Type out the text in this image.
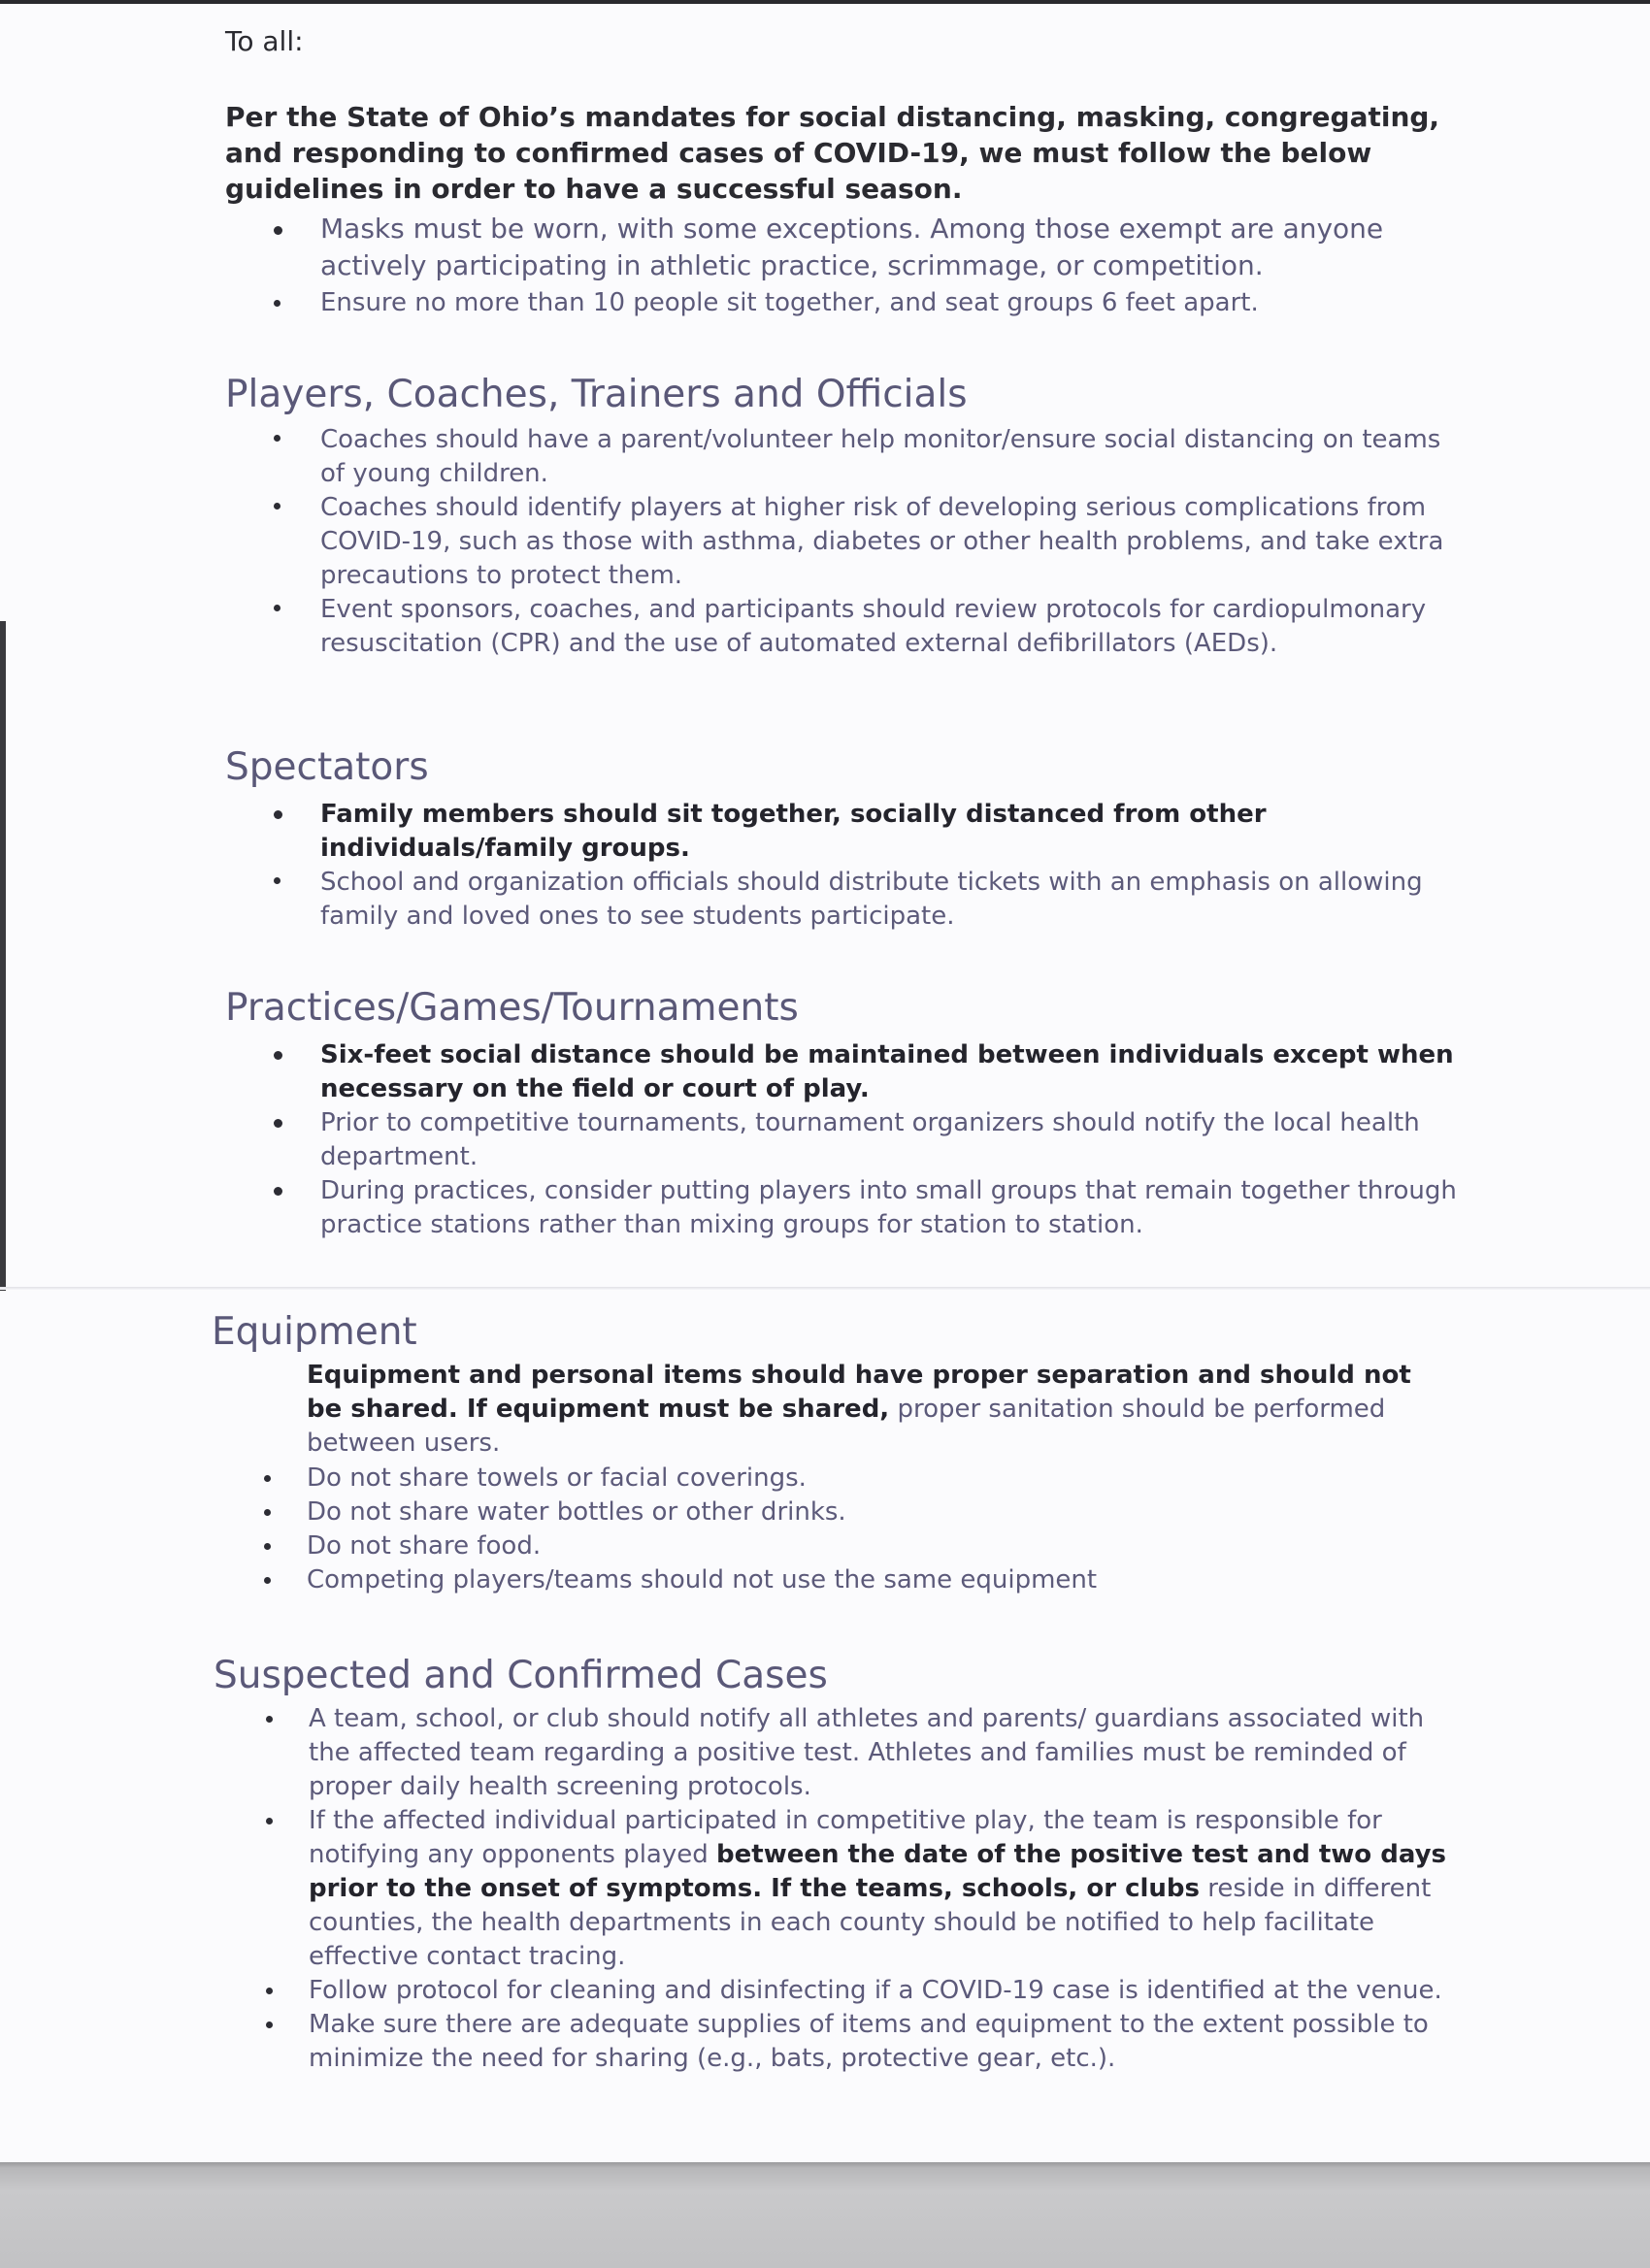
To all:

Per the State of Ohio’s mandates for social distancing, masking, congregating, and responding to confirmed cases of COVID-19, we must follow the below guidelines in order to have a successful season.

Masks must be worn, with some exceptions. Among those exempt are anyone actively participating in athletic practice, scrimmage, or competition.
Ensure no more than 10 people sit together, and seat groups 6 feet apart.
Players, Coaches, Trainers and Officials
Coaches should have a parent/volunteer help monitor/ensure social distancing on teams of young children.
Coaches should identify players at higher risk of developing serious complications from COVID-19, such as those with asthma, diabetes or other health problems, and take extra precautions to protect them.
Event sponsors, coaches, and participants should review protocols for cardiopulmonary resuscitation (CPR) and the use of automated external defibrillators (AEDs).
Spectators
Family members should sit together, socially distanced from other individuals/family groups.
School and organization officials should distribute tickets with an emphasis on allowing family and loved ones to see students participate.
Practices/Games/Tournaments
Six-feet social distance should be maintained between individuals except when necessary on the field or court of play.
Prior to competitive tournaments, tournament organizers should notify the local health department.
During practices, consider putting players into small groups that remain together through practice stations rather than mixing groups for station to station.
Equipment

Equipment and personal items should have proper separation and should not be shared. If equipment must be shared, proper sanitation should be performed between users.

Do not share towels or facial coverings.
Do not share water bottles or other drinks.
Do not share food.
Competing players/teams should not use the same equipment
Suspected and Confirmed Cases
A team, school, or club should notify all athletes and parents/ guardians associated with the affected team regarding a positive test. Athletes and families must be reminded of proper daily health screening protocols.
If the affected individual participated in competitive play, the team is responsible for notifying any opponents played between the date of the positive test and two days prior to the onset of symptoms. If the teams, schools, or clubs reside in different counties, the health departments in each county should be notified to help facilitate effective contact tracing.
Follow protocol for cleaning and disinfecting if a COVID-19 case is identified at the venue.
Make sure there are adequate supplies of items and equipment to the extent possible to minimize the need for sharing (e.g., bats, protective gear, etc.).
